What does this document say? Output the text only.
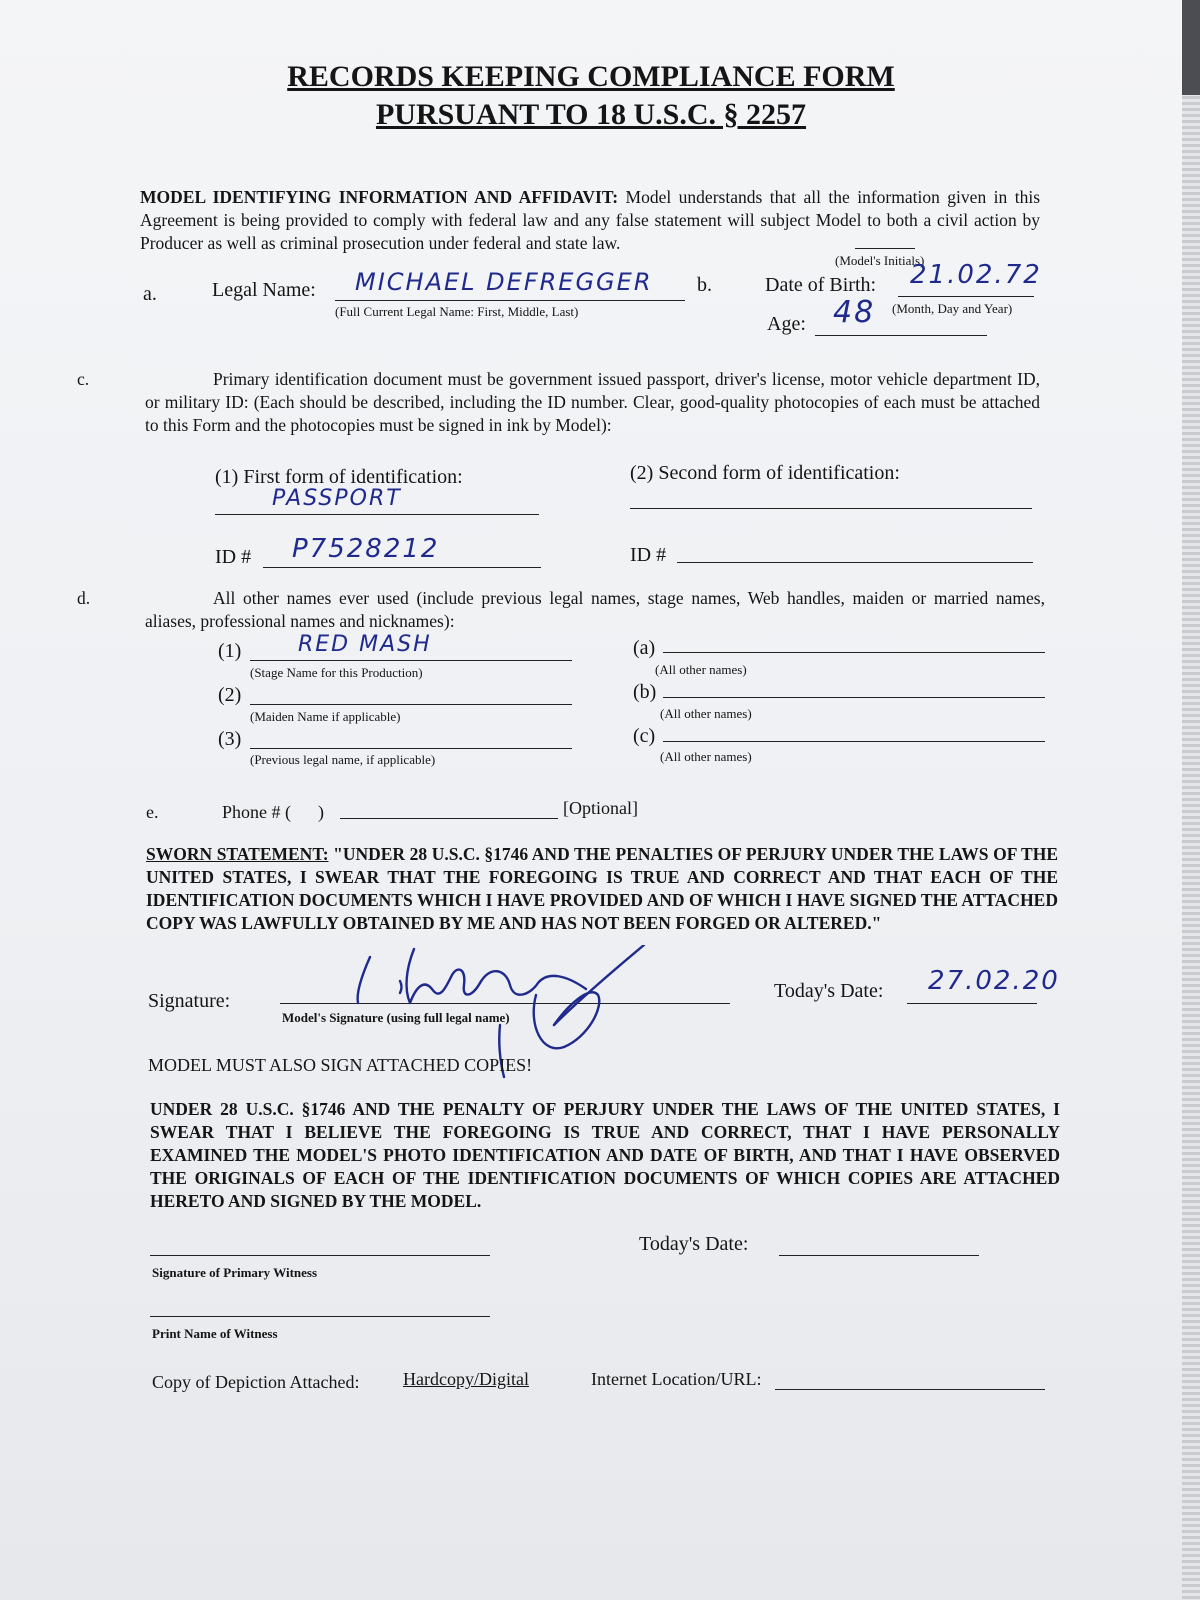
RECORDS KEEPING COMPLIANCE FORM
PURSUANT TO 18 U.S.C. § 2257
MODEL IDENTIFYING INFORMATION AND AFFIDAVIT: Model understands that all the information given in this Agreement is being provided to comply with federal law and any false statement will subject Model to both a civil action by Producer as well as criminal prosecution under federal and state law.
(Model's Initials)
a.	Legal Name: MICHAEL DEFREGGER
(Full Current Legal Name: First, Middle, Last)
b.	Date of Birth: 21.02.72
(Month, Day and Year)
Age: 48
c.	Primary identification document must be government issued passport, driver's license, motor vehicle department ID, or military ID: (Each should be described, including the ID number. Clear, good-quality photocopies of each must be attached to this Form and the photocopies must be signed in ink by Model):
(1) First form of identification:
PASSPORT
(2) Second form of identification:
ID # P7528212	ID #
d.	All other names ever used (include previous legal names, stage names, Web handles, maiden or married names, aliases, professional names and nicknames):
(1)	RED MASH
(Stage Name for this Production)
(a)
(All other names)
(2)
(Maiden Name if applicable)
(b)
(All other names)
(3)
(Previous legal name, if applicable)
(c)
(All other names)
e.	Phone # (      )	[Optional]
SWORN STATEMENT: "UNDER 28 U.S.C. §1746 AND THE PENALTIES OF PERJURY UNDER THE LAWS OF THE UNITED STATES, I SWEAR THAT THE FOREGOING IS TRUE AND CORRECT AND THAT EACH OF THE IDENTIFICATION DOCUMENTS WHICH I HAVE PROVIDED AND OF WHICH I HAVE SIGNED THE ATTACHED COPY WAS LAWFULLY OBTAINED BY ME AND HAS NOT BEEN FORGED OR ALTERED."
Signature:
Model's Signature (using full legal name)
Today's Date: 27.02.20
MODEL MUST ALSO SIGN ATTACHED COPIES!
UNDER 28 U.S.C. §1746 AND THE PENALTY OF PERJURY UNDER THE LAWS OF THE UNITED STATES, I SWEAR THAT I BELIEVE THE FOREGOING IS TRUE AND CORRECT, THAT I HAVE PERSONALLY EXAMINED THE MODEL'S PHOTO IDENTIFICATION AND DATE OF BIRTH, AND THAT I HAVE OBSERVED THE ORIGINALS OF EACH OF THE IDENTIFICATION DOCUMENTS OF WHICH COPIES ARE ATTACHED HERETO AND SIGNED BY THE MODEL.
Today's Date:
Signature of Primary Witness
Print Name of Witness
Copy of Depiction Attached: Hardcopy/Digital	Internet Location/URL:
